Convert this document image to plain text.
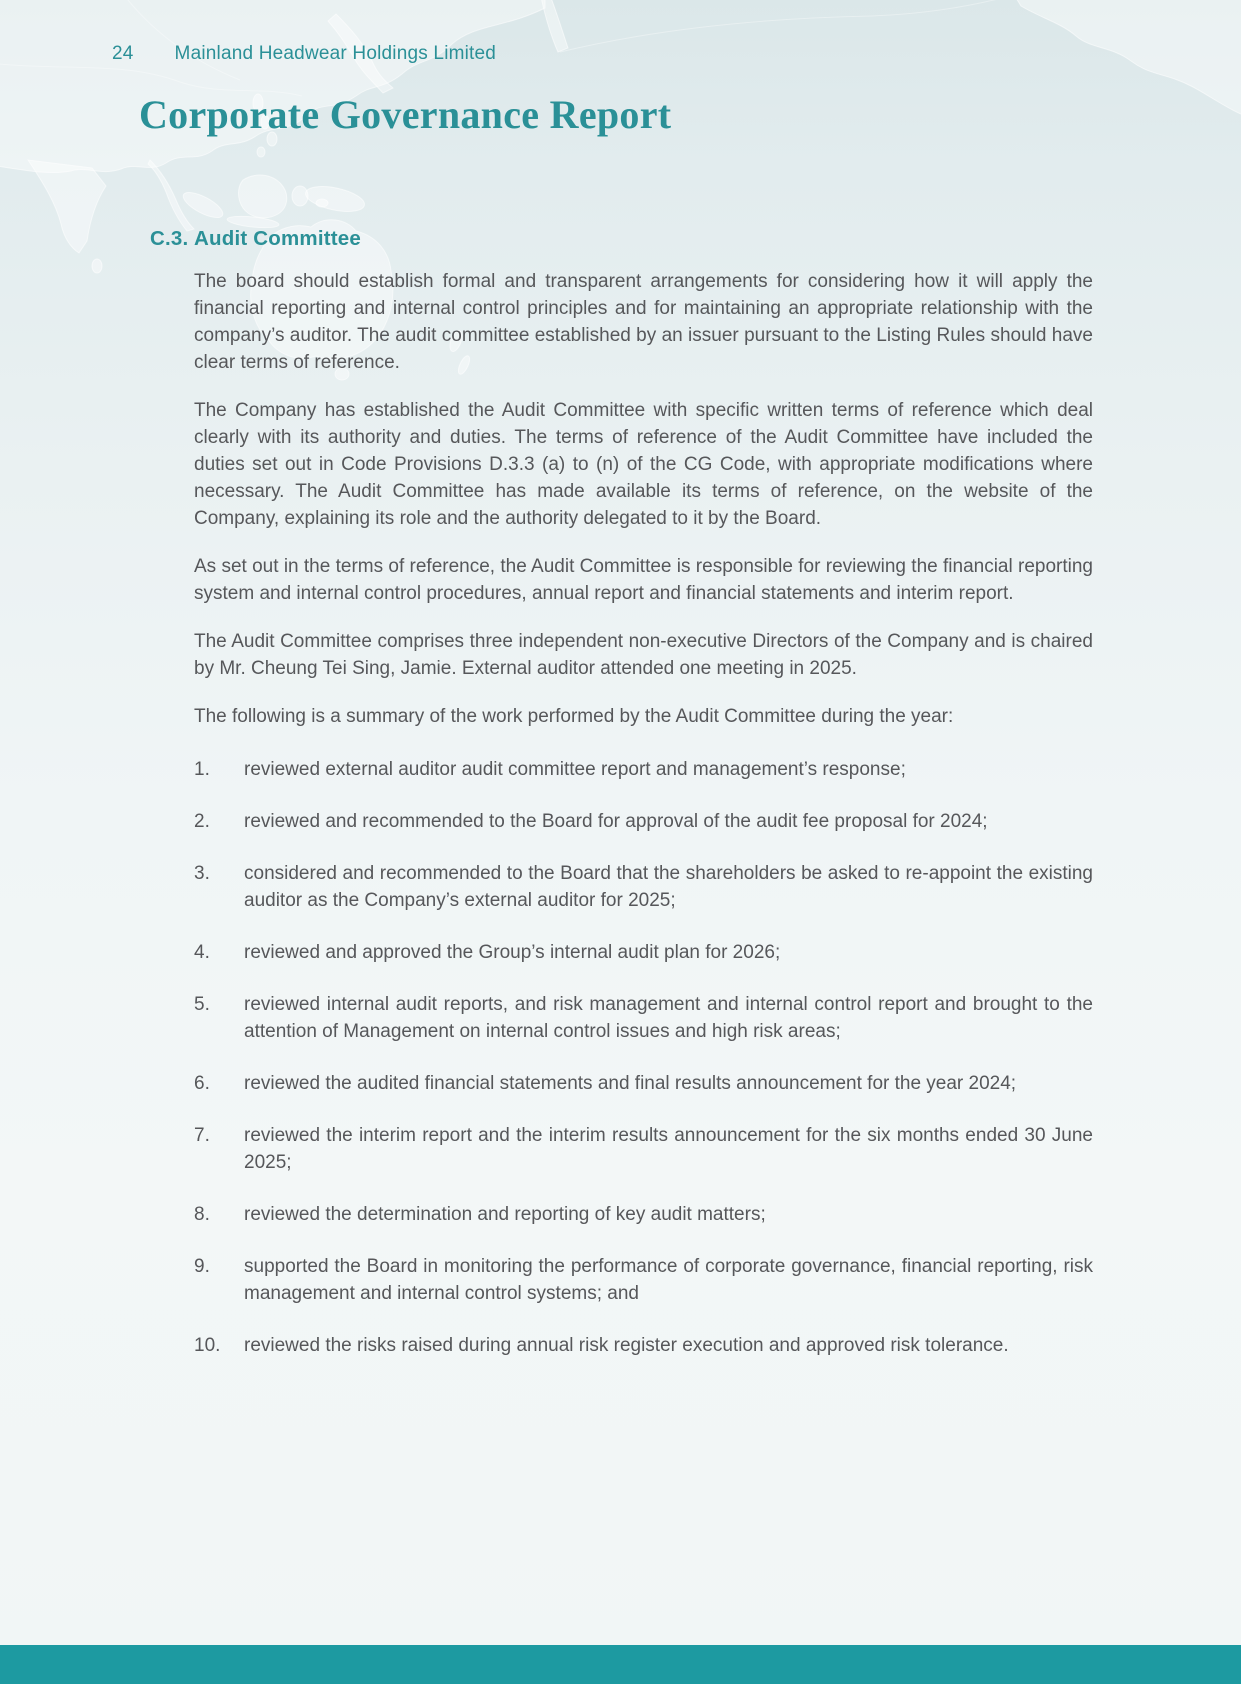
24 Mainland Headwear Holdings Limited
Corporate Governance Report
C.3. Audit Committee

The board should establish formal and transparent arrangements for considering how it will apply the financial reporting and internal control principles and for maintaining an appropriate relationship with the company’s auditor. The audit committee established by an issuer pursuant to the Listing Rules should have clear terms of reference.

The Company has established the Audit Committee with specific written terms of reference which deal clearly with its authority and duties. The terms of reference of the Audit Committee have included the duties set out in Code Provisions D.3.3 (a) to (n) of the CG Code, with appropriate modifications where necessary. The Audit Committee has made available its terms of reference, on the website of the Company, explaining its role and the authority delegated to it by the Board.

As set out in the terms of reference, the Audit Committee is responsible for reviewing the financial reporting system and internal control procedures, annual report and financial statements and interim report.

The Audit Committee comprises three independent non-executive Directors of the Company and is chaired by Mr. Cheung Tei Sing, Jamie. External auditor attended one meeting in 2025.

The following is a summary of the work performed by the Audit Committee during the year:

1.	reviewed external auditor audit committee report and management’s response;
2.	reviewed and recommended to the Board for approval of the audit fee proposal for 2024;
3.	considered and recommended to the Board that the shareholders be asked to re-appoint the existing auditor as the Company’s external auditor for 2025;
4.	reviewed and approved the Group’s internal audit plan for 2026;
5.	reviewed internal audit reports, and risk management and internal control report and brought to the attention of Management on internal control issues and high risk areas;
6.	reviewed the audited financial statements and final results announcement for the year 2024;
7.	reviewed the interim report and the interim results announcement for the six months ended 30 June 2025;
8.	reviewed the determination and reporting of key audit matters;
9.	supported the Board in monitoring the performance of corporate governance, financial reporting, risk management and internal control systems; and
10.	reviewed the risks raised during annual risk register execution and approved risk tolerance.
